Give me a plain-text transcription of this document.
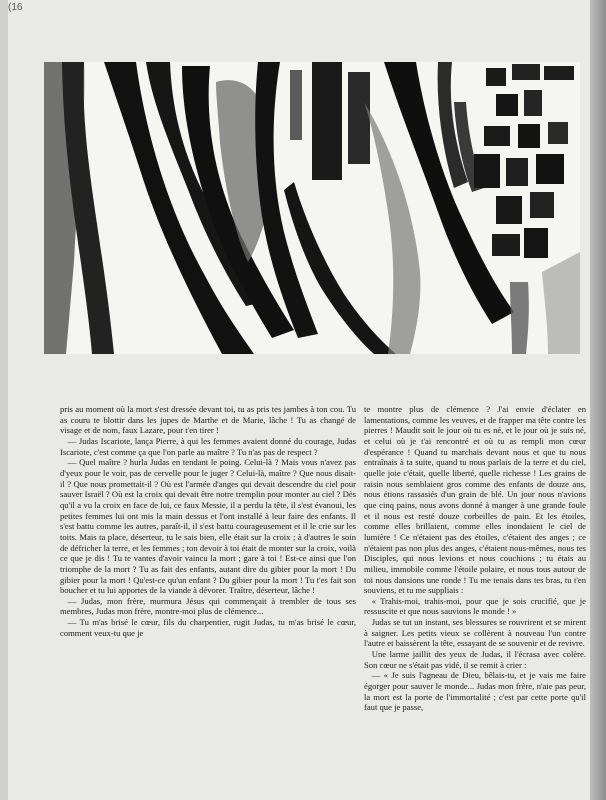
(16

pris au moment où la mort s'est dressée devant toi, tu as pris tes jambes à ton cou. Tu as couru te blottir dans les jupes de Marthe et de Marie, lâche ! Tu as changé de visage et de nom, faux Lazare, pour t'en tirer !

— Judas Iscariote, lança Pierre, à qui les femmes avaient donné du courage, Judas Iscariote, c'est comme ça que l'on parle au maître ? Tu n'as pas de respect ?

— Quel maître ? hurla Judas en tendant le poing. Celui-là ? Mais vous n'avez pas d'yeux pour le voir, pas de cervelle pour le juger ? Celui-là, maître ? Que nous disait-il ? Que nous promettait-il ? Où est l'armée d'anges qui devait descendre du ciel pour sauver Israël ? Où est la croix qui devait être notre tremplin pour monter au ciel ? Dès qu'il a vu la croix en face de lui, ce faux Messie, il a perdu la tête, il s'est évanoui, les petites femmes lui ont mis la main dessus et l'ont installé à leur faire des enfants. Il s'est battu comme les autres, paraît-il, il s'est battu courageusement et il le crie sur les toits. Mais ta place, déserteur, tu le sais bien, elle était sur la croix ; à d'autres le soin de défricher la terre, et les femmes ; ton devoir à toi était de monter sur la croix, voilà ce que je dis ! Tu te vantes d'avoir vaincu la mort ; gare à toi ! Est-ce ainsi que l'on triomphe de la mort ? Tu as fait des enfants, autant dire du gibier pour la mort ! Du gibier pour la mort ! Qu'est-ce qu'un enfant ? Du gibier pour la mort ! Tu t'es fait son boucher et tu lui apportes de la viande à dévorer. Traître, déserteur, lâche !

— Judas, mon frère, murmura Jésus qui commençait à trembler de tous ses membres, Judas mon frère, montre-moi plus de clémence...

— Tu m'as brisé le cœur, fils du charpentier, rugit Judas, tu m'as brisé le cœur, comment veux-tu que je

te montre plus de clémence ? J'ai envie d'éclater en lamentations, comme les veuves, et de frapper ma tête contre les pierres ! Maudit soit le jour où tu es né, et le jour où je suis né, et celui où je t'ai rencontré et où tu as rempli mon cœur d'espérance ! Quand tu marchais devant nous et que tu nous entraînais à ta suite, quand tu nous parlais de la terre et du ciel, quelle joie c'était, quelle liberté, quelle richesse ! Les grains de raisin nous semblaient gros comme des enfants de douze ans, nous étions rassasiés d'un grain de blé. Un jour nous n'avions que cinq pains, nous avons donné à manger à une grande foule et il nous est resté douze corbeilles de pain. Et les étoiles, comme elles brillaient, comme elles inondaient le ciel de lumière ! Ce n'étaient pas des étoiles, c'étaient des anges ; ce n'étaient pas non plus des anges, c'étaient nous-mêmes, nous tes Disciples, qui nous levions et nous couchions ; tu étais au milieu, immobile comme l'étoile polaire, et nous tous autour de toi nous dansions une ronde ! Tu me tenais dans tes bras, tu t'en souviens, et tu me suppliais :

« Trahis-moi, trahis-moi, pour que je sois crucifié, que je ressuscite et que nous sauvions le monde ! »

Judas se tut un instant, ses blessures se rouvrirent et se mirent à saigner. Les petits vieux se collèrent à nouveau l'un contre l'autre et baissèrent la tête, essayant de se souvenir et de revivre.

Une larme jaillit des yeux de Judas, il l'écrasa avec colère. Son cœur ne s'était pas vidé, il se remit à crier :

— « Je suis l'agneau de Dieu, bêlais-tu, et je vais me faire égorger pour sauver le monde... Judas mon frère, n'aie pas peur, la mort est la porte de l'immortalité ; c'est par cette porte qu'il faut que je passe,
